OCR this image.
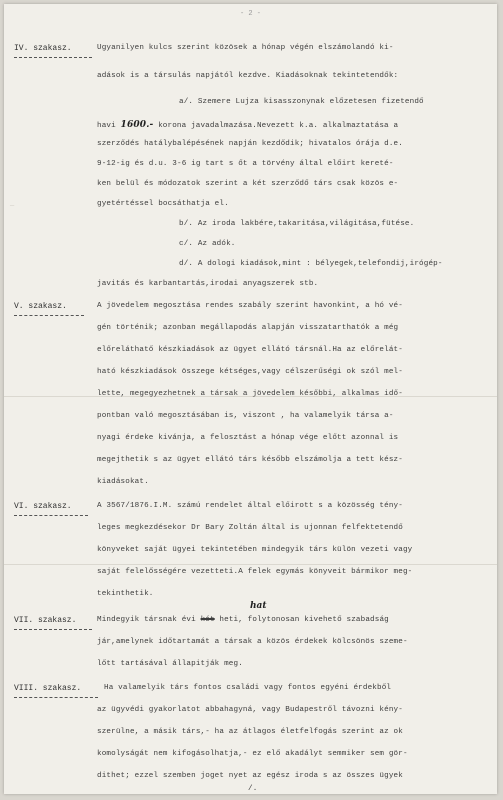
- 2 -
—
IV. szakasz.	Ugyanilyen kulcs szerint közösek a hónap végén elszámolandó ki-
adások is a társulás napjától kezdve. Kiadásoknak tekintetendők:
a/. Szemere Lujza kisasszonynak előzetesen fizetendő
havi 1600.- korona javadalmazása.Nevezett k.a. alkalmaztatása a
szerződés hatálybalépésének napján kezdődik; hivatalos órája d.e.
9-12-ig és d.u. 3-6 ig tart s őt a törvény által előirt kereté-
ken belül és módozatok szerint a két szerződő társ csak közös e-
gyetértéssel bocsáthatja el.
b/. Az iroda lakbére,takaritása,világitása,fütése.
c/. Az adók.
d/. A dologi kiadások,mint : bélyegek,telefondij,irógép-
javitás és karbantartás,irodai anyagszerek stb.
V. szakasz.	A jövedelem megosztása rendes szabály szerint havonkint, a hó vé-
gén történik; azonban megállapodás alapján visszatarthatók a még
előreláthatő készkiadások az ügyet ellátó társnál.Ha az előrelát-
ható készkiadások összege kétséges,vagy célszerűségi ok szól mel-
lette, megegyezhetnek a társak a jövedelem későbbi, alkalmas idő-
pontban való megosztásában is, viszont , ha valamelyik társa a-
nyagi érdeke kivánja, a felosztást a hónap vége előtt azonnal is
megejthetik s az ügyet ellátó társ később elszámolja a tett kész-
kiadásokat.
VI. szakasz.	A 3567/1876.I.M. számú rendelet által előirott s a közösség tény-
leges megkezdésekor Dr Bary Zoltán által is ujonnan felfektetendő
könyveket saját ügyei tekintetében mindegyik társ külön vezeti vagy
saját felelősségére vezetteti.A felek egymás könyveit bármikor meg-
tekinthetik.
hat
VII. szakasz.	Mindegyik társnak évi két heti, folytonosan kivehető szabadság
jár,amelynek időtartamát a társak a közös érdekek kölcsönös szeme-
lőtt tartásával állapitják meg.
VIII. szakasz.	Ha valamelyik társ fontos családi vagy fontos egyéni érdekből
az ügyvédi gyakorlatot abbahagyná, vagy Budapestről távozni kény-
szerülne, a másik társ,- ha az átlagos életfelfogás szerint az ok
komolyságát nem kifogásolhatja,- ez elő akadályt semmiker sem gör-
dithet; ezzel szemben joget nyet az egész iroda s az összes ügyek
/.
